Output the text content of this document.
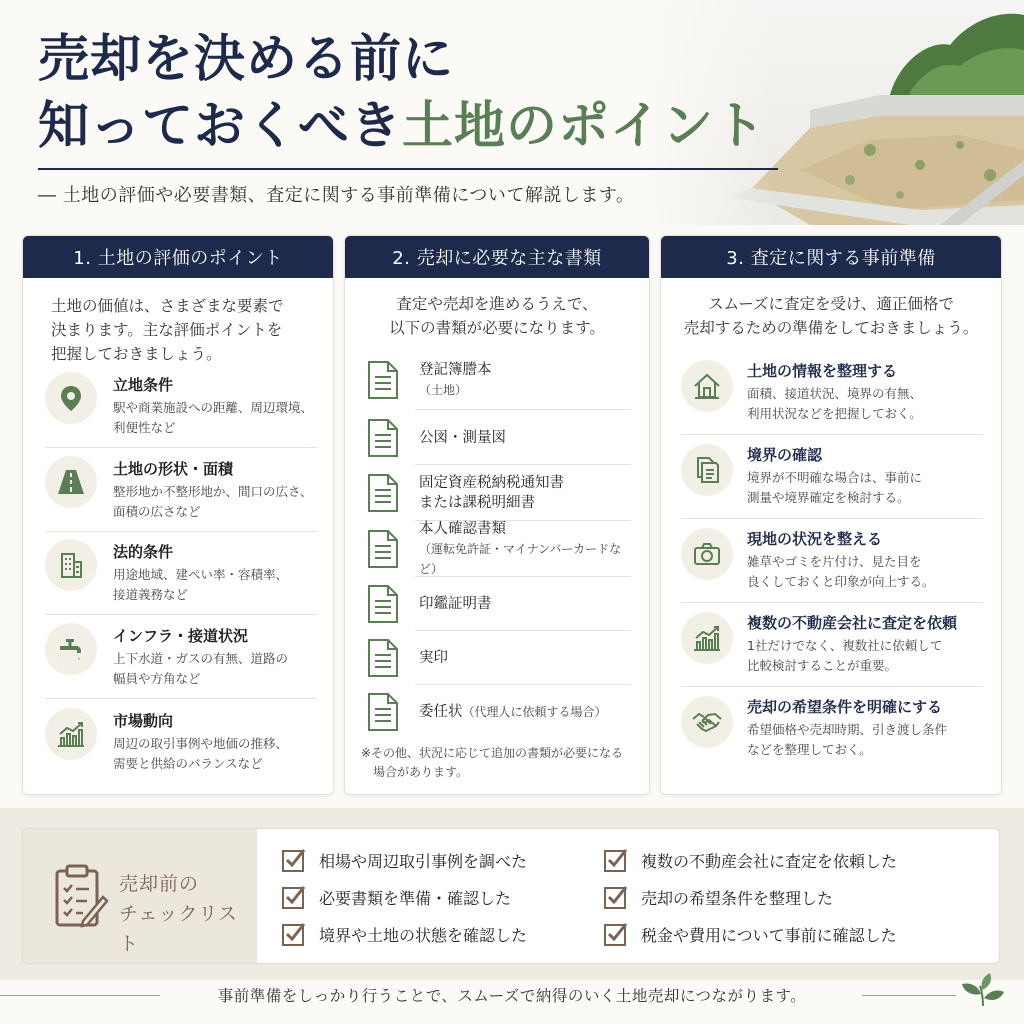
売却を決める前に
知っておくべき土地のポイント
― 土地の評価や必要書類、査定に関する事前準備について解説します。
1. 土地の評価のポイント
土地の価値は、さまざまな要素で
決まります。主な評価ポイントを
把握しておきましょう。
立地条件
駅や商業施設への距離、周辺環境、
利便性など
土地の形状・面積
整形地か不整形地か、間口の広さ、
面積の広さなど
法的条件
用途地域、建ぺい率・容積率、
接道義務など
インフラ・接道状況
上下水道・ガスの有無、道路の
幅員や方角など
市場動向
周辺の取引事例や地価の推移、
需要と供給のバランスなど
2. 売却に必要な主な書類
査定や売却を進めるうえで、
以下の書類が必要になります。
登記簿謄本
（土地）
公図・測量図
固定資産税納税通知書
または課税明細書
本人確認書類
（運転免許証・マイナンバーカードなど）
印鑑証明書
実印
委任状（代理人に依頼する場合）
※その他、状況に応じて追加の書類が必要になる
　場合があります。
3. 査定に関する事前準備
スムーズに査定を受け、適正価格で
売却するための準備をしておきましょう。
土地の情報を整理する
面積、接道状況、境界の有無、
利用状況などを把握しておく。
境界の確認
境界が不明確な場合は、事前に
測量や境界確定を検討する。
現地の状況を整える
雑草やゴミを片付け、見た目を
良くしておくと印象が向上する。
複数の不動産会社に査定を依頼
1社だけでなく、複数社に依頼して
比較検討することが重要。
売却の希望条件を明確にする
希望価格や売却時期、引き渡し条件
などを整理しておく。
売却前の
チェックリスト
相場や周辺取引事例を調べた
必要書類を準備・確認した
境界や土地の状態を確認した
複数の不動産会社に査定を依頼した
売却の希望条件を整理した
税金や費用について事前に確認した
事前準備をしっかり行うことで、スムーズで納得のいく土地売却につながります。
